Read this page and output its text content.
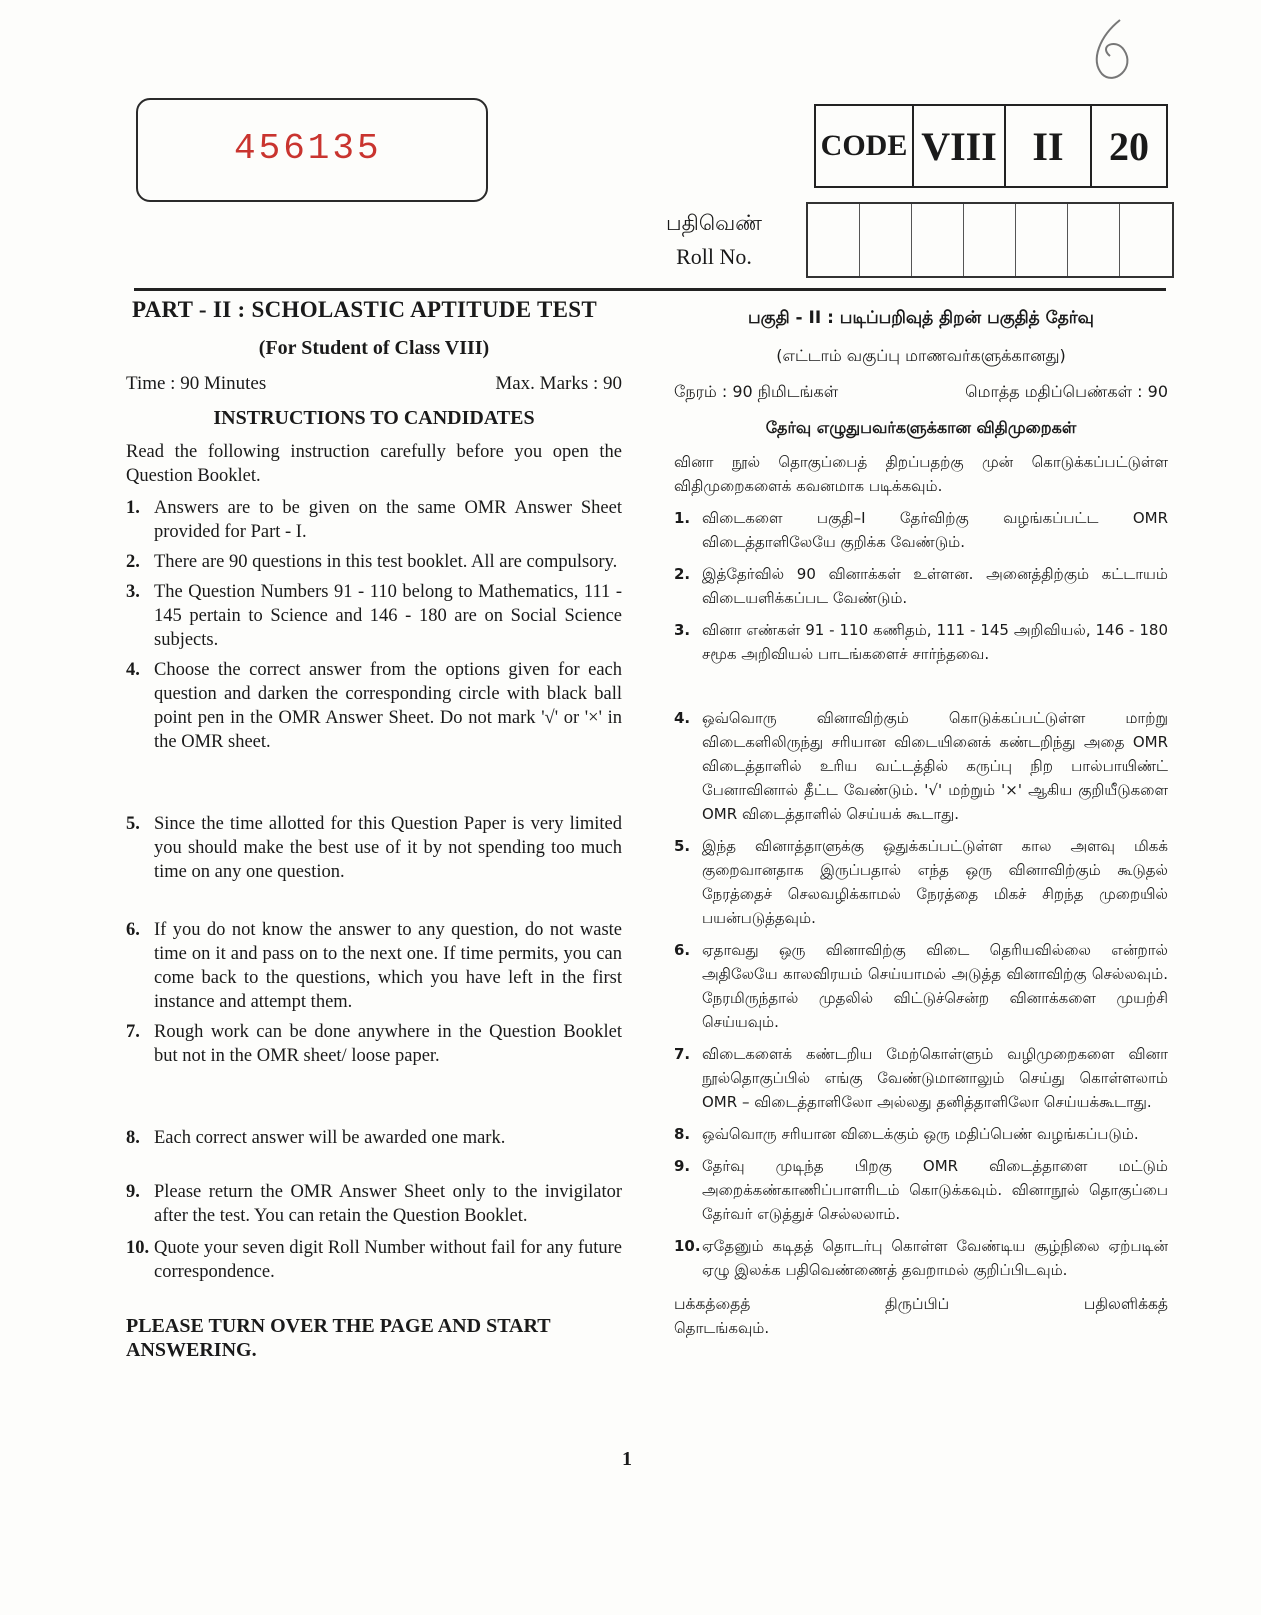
456135	CODE VIII II	20
பதிவெண்
Roll No.
PART - II : SCHOLASTIC APTITUDE TEST
(For Student of Class VIII)
Time : 90 Minutes	Max. Marks : 90
INSTRUCTIONS TO CANDIDATES
Read the following instruction carefully before you open the Question Booklet.
1. Answers are to be given on the same OMR Answer Sheet provided for Part - I.
2. There are 90 questions in this test booklet. All are compulsory.
3. The Question Numbers 91 - 110 belong to Mathematics, 111 - 145 pertain to Science and 146 - 180 are on Social Science subjects.
4. Choose the correct answer from the options given for each question and darken the corresponding circle with black ball point pen in the OMR Answer Sheet. Do not mark '√' or '×' in the OMR sheet.
5. Since the time allotted for this Question Paper is very limited you should make the best use of it by not spending too much time on any one question.
6. If you do not know the answer to any question, do not waste time on it and pass on to the next one. If time permits, you can come back to the questions, which you have left in the first instance and attempt them.
7. Rough work can be done anywhere in the Question Booklet but not in the OMR sheet/ loose paper.
8. Each correct answer will be awarded one mark.
9. Please return the OMR Answer Sheet only to the invigilator after the test. You can retain the Question Booklet.
10. Quote your seven digit Roll Number without fail for any future correspondence.
PLEASE TURN OVER THE PAGE AND START ANSWERING.
பகுதி - II : படிப்பறிவுத் திறன் பகுதித் தேர்வு
(எட்டாம் வகுப்பு மாணவர்களுக்கானது)
நேரம் : 90 நிமிடங்கள்	மொத்த மதிப்பெண்கள் : 90
தேர்வு எழுதுபவர்களுக்கான விதிமுறைகள்
வினா நூல் தொகுப்பைத் திறப்பதற்கு முன் கொடுக்கப்பட்டுள்ள விதிமுறைகளைக் கவனமாக படிக்கவும்.
1. விடைகளை பகுதி–I தேர்விற்கு வழங்கப்பட்ட OMR விடைத்தாளிலேயே குறிக்க வேண்டும்.
2. இத்தேர்வில் 90 வினாக்கள் உள்ளன. அனைத்திற்கும் கட்டாயம் விடையளிக்கப்பட வேண்டும்.
3. வினா எண்கள் 91 - 110 கணிதம், 111 - 145 அறிவியல், 146 - 180 சமூக அறிவியல் பாடங்களைச் சார்ந்தவை.
4. ஒவ்வொரு வினாவிற்கும் கொடுக்கப்பட்டுள்ள மாற்று விடைகளிலிருந்து சரியான விடையினைக் கண்டறிந்து அதை OMR விடைத்தாளில் உரிய வட்டத்தில் கருப்பு நிற பால்பாயிண்ட் பேனாவினால் தீட்ட வேண்டும். '√' மற்றும் '×' ஆகிய குறியீடுகளை OMR விடைத்தாளில் செய்யக் கூடாது.
5. இந்த வினாத்தாளுக்கு ஒதுக்கப்பட்டுள்ள கால அளவு மிகக் குறைவானதாக இருப்பதால் எந்த ஒரு வினாவிற்கும் கூடுதல் நேரத்தைச் செலவழிக்காமல் நேரத்தை மிகச் சிறந்த முறையில் பயன்படுத்தவும்.
6. ஏதாவது ஒரு வினாவிற்கு விடை தெரியவில்லை என்றால் அதிலேயே காலவிரயம் செய்யாமல் அடுத்த வினாவிற்கு செல்லவும். நேரமிருந்தால் முதலில் விட்டுச்சென்ற வினாக்களை முயற்சி செய்யவும்.
7. விடைகளைக் கண்டறிய மேற்கொள்ளும் வழிமுறைகளை வினா நூல்தொகுப்பில் எங்கு வேண்டுமானாலும் செய்து கொள்ளலாம் OMR – விடைத்தாளிலோ அல்லது தனித்தாளிலோ செய்யக்கூடாது.
8. ஒவ்வொரு சரியான விடைக்கும் ஒரு மதிப்பெண் வழங்கப்படும்.
9. தேர்வு முடிந்த பிறகு OMR விடைத்தாளை மட்டும் அறைக்கண்காணிப்பாளரிடம் கொடுக்கவும். வினாநூல் தொகுப்பை தேர்வர் எடுத்துச் செல்லலாம்.
10. ஏதேனும் கடிதத் தொடர்பு கொள்ள வேண்டிய சூழ்நிலை ஏற்படின் ஏழு இலக்க பதிவெண்ணைத் தவறாமல் குறிப்பிடவும்.
பக்கத்தைத்	திருப்பிப்	பதிலளிக்கத்
தொடங்கவும்.
1
